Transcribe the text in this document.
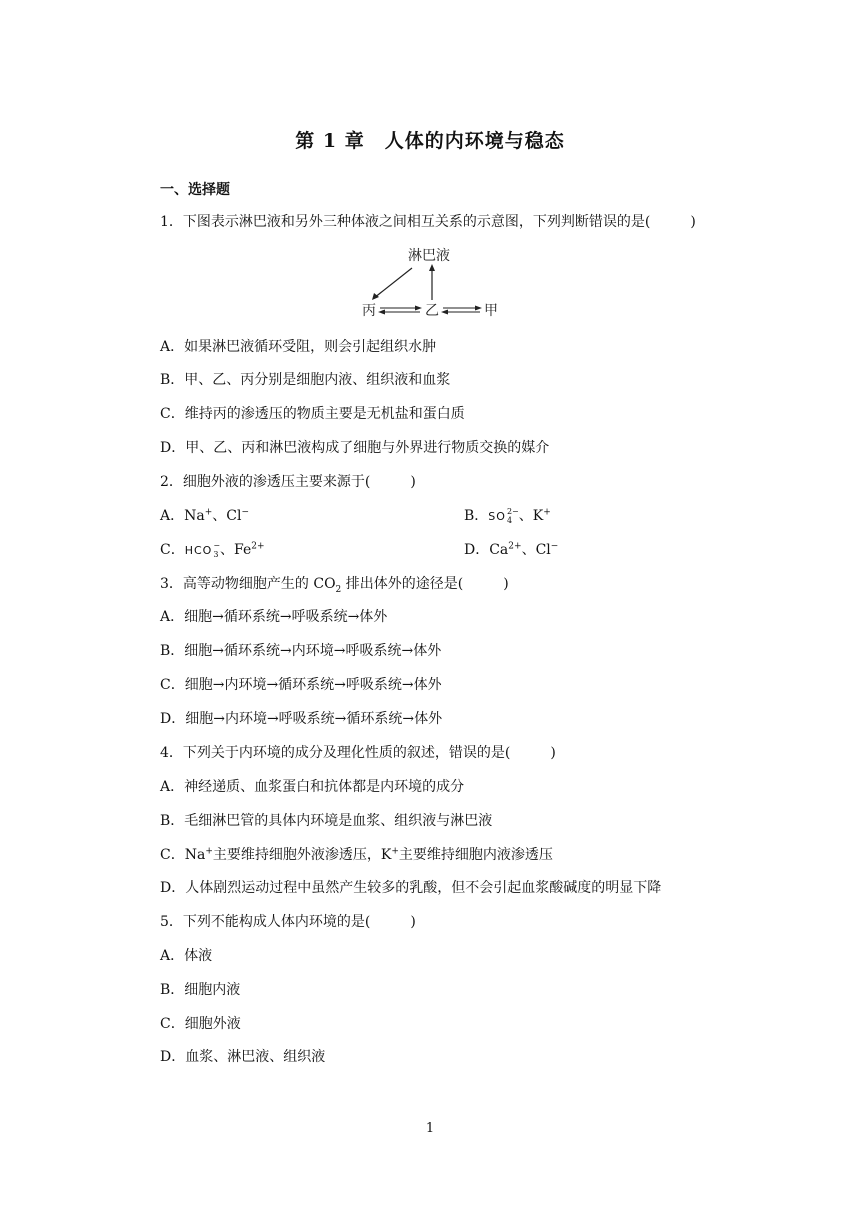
第 1 章　人体的内环境与稳态
一、选择题
1．下图表示淋巴液和另外三种体液之间相互关系的示意图，下列判断错误的是(	)
淋巴液
丙	乙	甲
A．如果淋巴液循环受阻，则会引起组织水肿
B．甲、乙、丙分别是细胞内液、组织液和血浆
C．维持丙的渗透压的物质主要是无机盐和蛋白质
D．甲、乙、丙和淋巴液构成了细胞与外界进行物质交换的媒介
2．细胞外液的渗透压主要来源于(	)
A．Na+、Cl−	B．SO 2−
4 、K+
C．HCO −
3 、$Fe^{2+}$	D．$Ca^{2+}$、Cl−
3．高等动物细胞产生的 $CO_2$ 排出体外的途径是(	)
A．细胞→循环系统→呼吸系统→体外
B．细胞→循环系统→内环境→呼吸系统→体外
C．细胞→内环境→循环系统→呼吸系统→体外
D．细胞→内环境→呼吸系统→循环系统→体外
4．下列关于内环境的成分及理化性质的叙述，错误的是(	)
A．神经递质、血浆蛋白和抗体都是内环境的成分
B．毛细淋巴管的具体内环境是血浆、组织液与淋巴液
C．Na+主要维持细胞外液渗透压，K+主要维持细胞内液渗透压
D．人体剧烈运动过程中虽然产生较多的乳酸，但不会引起血浆酸碱度的明显下降
5．下列不能构成人体内环境的是(	)
A．体液
B．细胞内液
C．细胞外液
D．血浆、淋巴液、组织液
1
